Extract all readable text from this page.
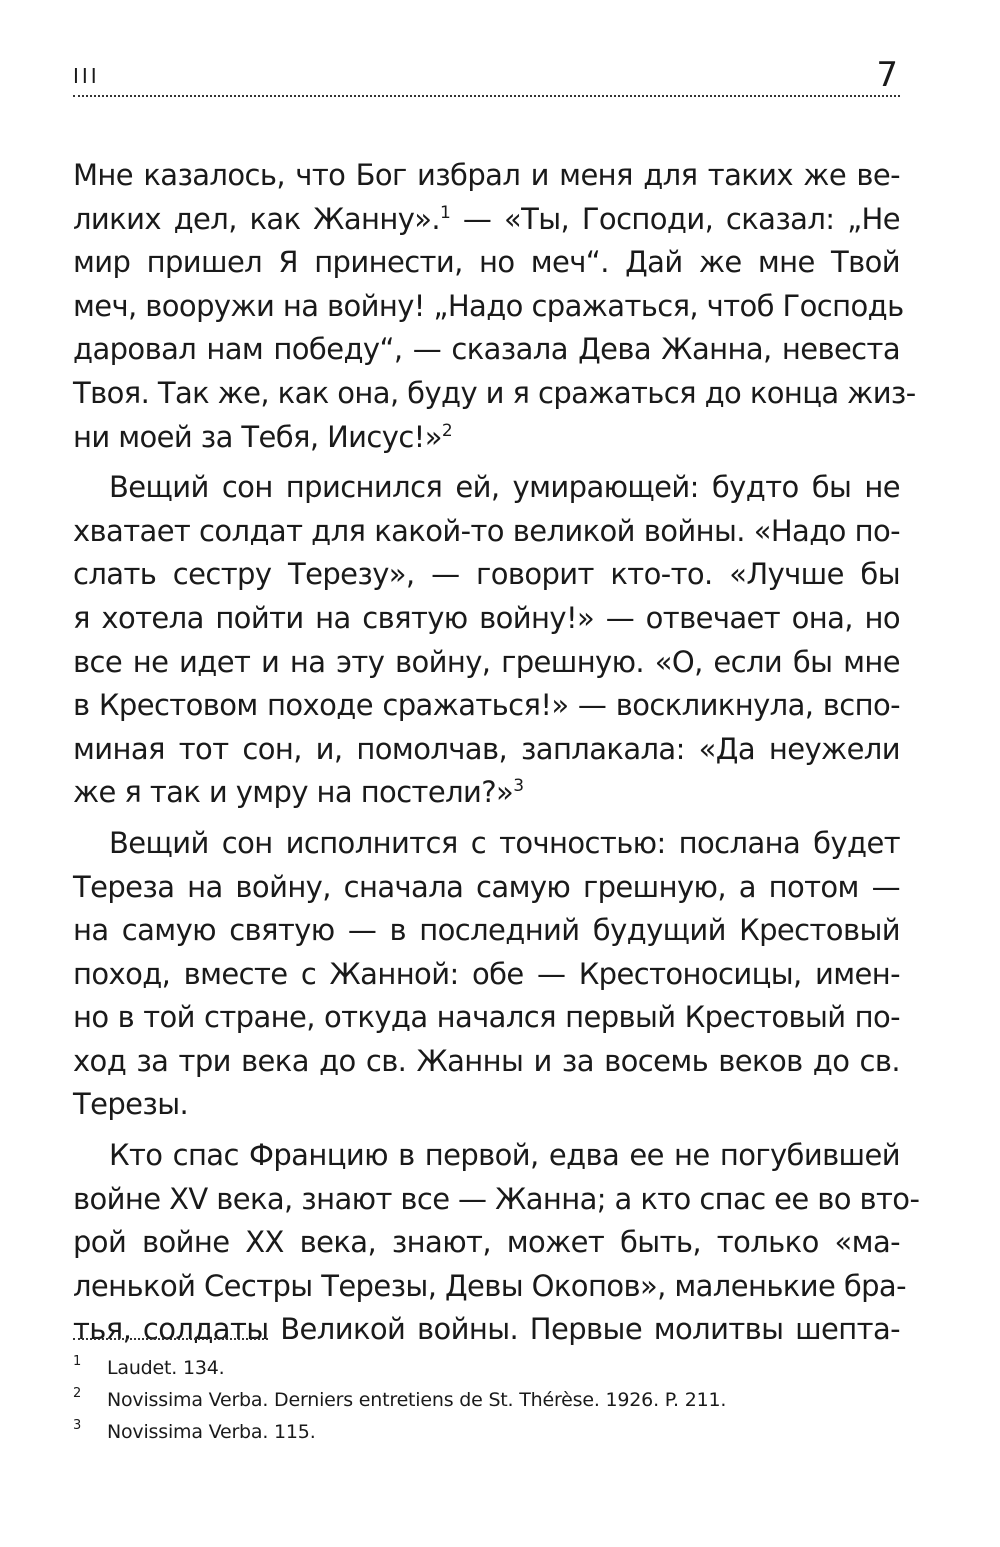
III	7
Мне казалось, что Бог избрал и меня для таких же ве-
ликих дел, как Жанну».$^1$ — «Ты, Господи, сказал: „Не
мир пришел Я принести, но меч“. Дай же мне Твой
меч, вооружи на войну! „Надо сражаться, чтоб Господь
даровал нам победу“, — сказала Дева Жанна, невеста
Твоя. Так же, как она, буду и я сражаться до конца жиз-
ни моей за Тебя, Иисус!»$^2$
Вещий сон приснился ей, умирающей: будто бы не
хватает солдат для какой-то великой войны. «Надо по-
слать сестру Терезу», — говорит кто-то. «Лучше бы
я хотела пойти на святую войну!» — отвечает она, но
все не идет и на эту войну, грешную. «О, если бы мне
в Крестовом походе сражаться!» — воскликнула, вспо-
миная тот сон, и, помолчав, заплакала: «Да неужели
же я так и умру на постели?»$^3$
Вещий сон исполнится с точностью: послана будет
Тереза на войну, сначала самую грешную, а потом —
на самую святую — в последний будущий Крестовый
поход, вместе с Жанной: обе — Крестоносицы, имен-
но в той стране, откуда начался первый Крестовый по-
ход за три века до св. Жанны и за восемь веков до св.
Терезы.
Кто спас Францию в первой, едва ее не погубившей
войне XV века, знают все — Жанна; а кто спас ее во вто-
рой войне XX века, знают, может быть, только «ма-
ленькой Сестры Терезы, Девы Окопов», маленькие бра-
тья, солдаты Великой войны. Первые молитвы шепта-
1 Laudet. 134.
2 Novissima Verba. Derniers entretiens de St. Thérèse. 1926. P. 211.
3 Novissima Verba. 115.
